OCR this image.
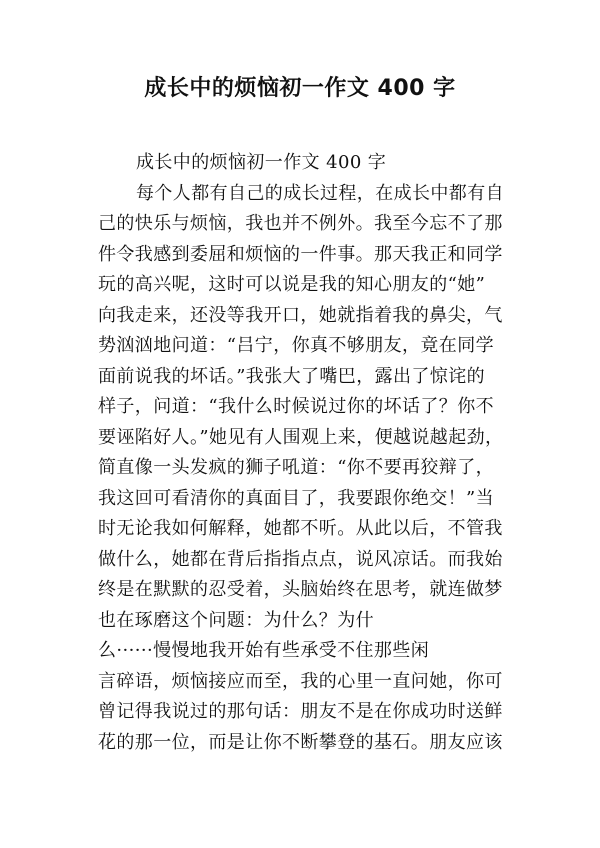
成长中的烦恼初一作文 400 字
成长中的烦恼初一作文 400 字
每个人都有自己的成长过程，在成长中都有自
己的快乐与烦恼，我也并不例外。我至今忘不了那
件令我感到委屈和烦恼的一件事。那天我正和同学
玩的高兴呢，这时可以说是我的知心朋友的“她”
向我走来，还没等我开口，她就指着我的鼻尖，气
势汹汹地问道：“吕宁，你真不够朋友，竟在同学
面前说我的坏话。”我张大了嘴巴，露出了惊诧的
样子，问道：“我什么时候说过你的坏话了？你不
要诬陷好人。”她见有人围观上来，便越说越起劲，
简直像一头发疯的狮子吼道：“你不要再狡辩了，
我这回可看清你的真面目了，我要跟你绝交！”当
时无论我如何解释，她都不听。从此以后，不管我
做什么，她都在背后指指点点，说风凉话。而我始
终是在默默的忍受着，头脑始终在思考，就连做梦
也在琢磨这个问题：为什么？为什
么······慢慢地我开始有些承受不住那些闲
言碎语，烦恼接应而至，我的心里一直问她，你可
曾记得我说过的那句话：朋友不是在你成功时送鲜
花的那一位，而是让你不断攀登的基石。朋友应该
